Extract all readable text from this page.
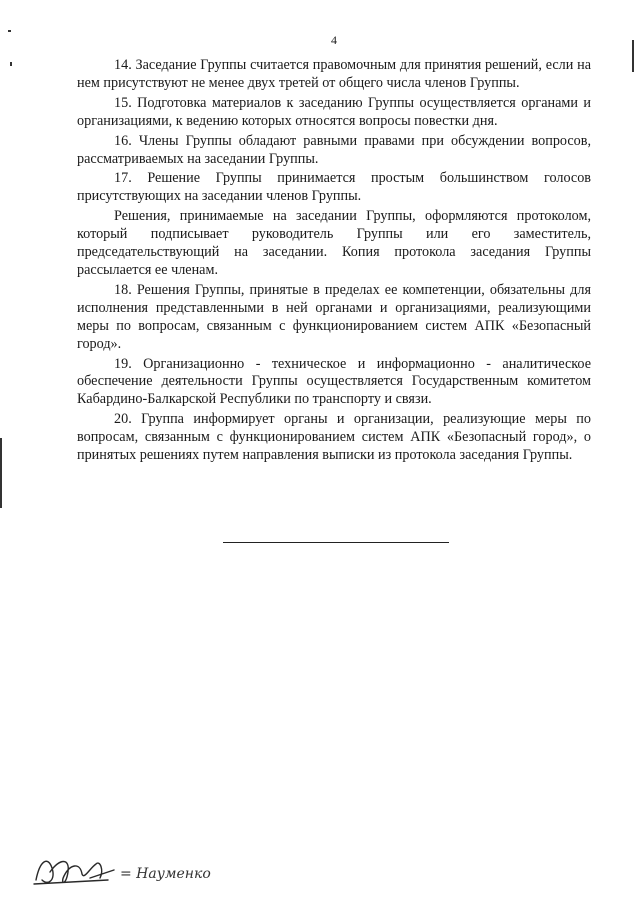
4

14. Заседание Группы считается правомочным для принятия решений, если на нем присутствуют не менее двух третей от общего числа членов Группы.

15. Подготовка материалов к заседанию Группы осуществляется органами и организациями, к ведению которых относятся вопросы повестки дня.

16. Члены Группы обладают равными правами при обсуждении вопросов, рассматриваемых на заседании Группы.

17. Решение Группы принимается простым большинством голосов присутствующих на заседании членов Группы.

Решения, принимаемые на заседании Группы, оформляются протоколом, который подписывает руководитель Группы или его заместитель, председательствующий на заседании. Копия протокола заседания Группы рассылается ее членам.

18. Решения Группы, принятые в пределах ее компетенции, обязательны для исполнения представленными в ней органами и организациями, реализующими меры по вопросам, связанным с функционированием систем АПК «Безопасный город».

19. Организационно - техническое и информационно - аналитическое обеспечение деятельности Группы осуществляется Государственным комитетом Кабардино-Балкарской Республики по транспорту и связи.

20. Группа информирует органы и организации, реализующие меры по вопросам, связанным с функционированием систем АПК «Безопасный город», о принятых решениях путем направления выписки из протокола заседания Группы.

= Науменко
